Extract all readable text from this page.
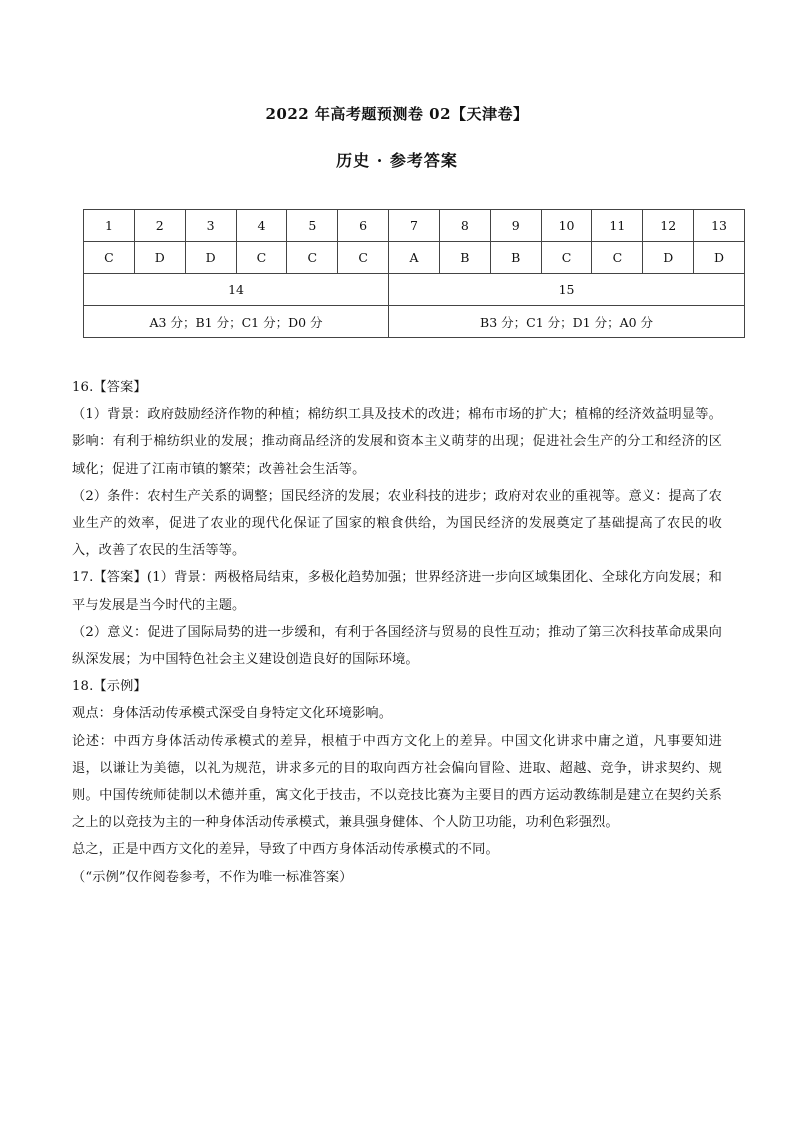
2022 年高考题预测卷 02【天津卷】
历史 · 参考答案
1	2	3	4	5	6	7	8	9	10	11	12	13
C	D	D	C	C	C	A	B	B	C	C	D	D
14						15						
A3 分；B1 分；C1 分；D0 分						B3 分；C1 分；D1 分；A0 分						

16.【答案】

（1）背景：政府鼓励经济作物的种植；棉纺织工具及技术的改进；棉布市场的扩大；植棉的经济效益明显等。影响：有利于棉纺织业的发展；推动商品经济的发展和资本主义萌芽的出现；促进社会生产的分工和经济的区域化；促进了江南市镇的繁荣；改善社会生活等。

（2）条件：农村生产关系的调整；国民经济的发展；农业科技的进步；政府对农业的重视等。意义：提高了农业生产的效率，促进了农业的现代化保证了国家的粮食供给，为国民经济的发展奠定了基础提高了农民的收入，改善了农民的生活等等。

17.【答案】(1）背景：两极格局结束，多极化趋势加强；世界经济进一步向区域集团化、全球化方向发展；和平与发展是当今时代的主题。

（2）意义：促进了国际局势的进一步缓和，有利于各国经济与贸易的良性互动；推动了第三次科技革命成果向纵深发展；为中国特色社会主义建设创造良好的国际环境。

18.【示例】

观点：身体活动传承模式深受自身特定文化环境影响。

论述：中西方身体活动传承模式的差异，根植于中西方文化上的差异。中国文化讲求中庸之道，凡事要知进退，以谦让为美德，以礼为规范，讲求多元的目的取向西方社会偏向冒险、进取、超越、竞争，讲求契约、规则。中国传统师徒制以术德并重，寓文化于技击，不以竞技比赛为主要目的西方运动教练制是建立在契约关系之上的以竞技为主的一种身体活动传承模式，兼具强身健体、个人防卫功能，功利色彩强烈。

总之，正是中西方文化的差异，导致了中西方身体活动传承模式的不同。

（“示例”仅作阅卷参考，不作为唯一标准答案）
